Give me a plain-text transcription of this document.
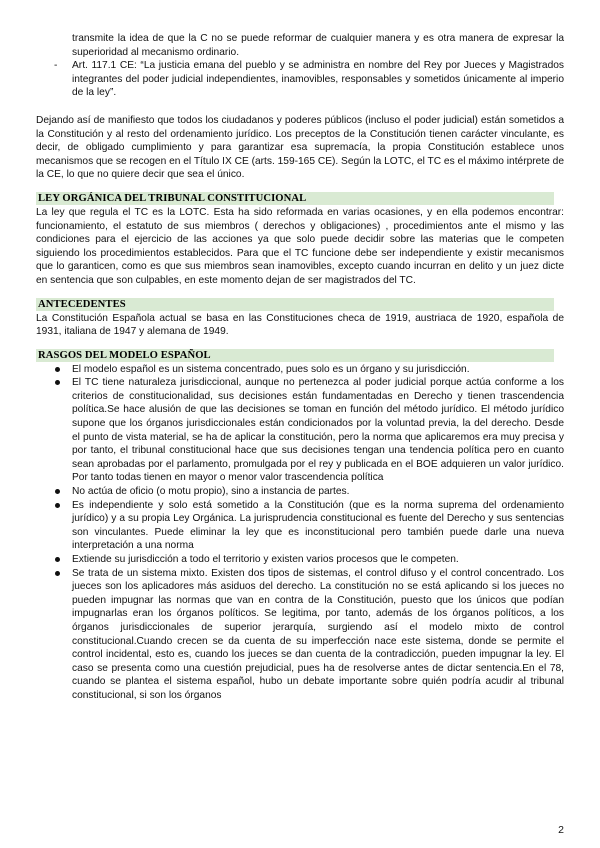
transmite la idea de que la C no se puede reformar de cualquier manera y es otra manera de expresar la superioridad al mecanismo ordinario.

- Art. 117.1 CE: “La justicia emana del pueblo y se administra en nombre del Rey por Jueces y Magistrados integrantes del poder judicial independientes, inamovibles, responsables y sometidos únicamente al imperio de la ley”.

Dejando así de manifiesto que todos los ciudadanos y poderes públicos (incluso el poder judicial) están sometidos a la Constitución y al resto del ordenamiento jurídico. Los preceptos de la Constitución tienen carácter vinculante, es decir, de obligado cumplimiento y para garantizar esa supremacía, la propia Constitución establece unos mecanismos que se recogen en el Título IX CE (arts. 159-165 CE). Según la LOTC, el TC es el máximo intérprete de la CE, lo que no quiere decir que sea el único.

LEY ORGÁNICA DEL TRIBUNAL CONSTITUCIONAL

La ley que regula el TC es la LOTC. Esta ha sido reformada en varias ocasiones, y en ella podemos encontrar: funcionamiento, el estatuto de sus miembros ( derechos y obligaciones) , procedimientos ante el mismo y las condiciones para el ejercicio de las acciones ya que solo puede decidir sobre las materias que le competen siguiendo los procedimientos establecidos. Para que el TC funcione debe ser independiente y existir mecanismos que lo garanticen, como es que sus miembros sean inamovibles, excepto cuando incurran en delito y un juez dicte en sentencia que son culpables, en este momento dejan de ser magistrados del TC.

ANTECEDENTES

La Constitución Española actual se basa en las Constituciones checa de 1919, austriaca de 1920, española de 1931, italiana de 1947 y alemana de 1949.

RASGOS DEL MODELO ESPAÑOL
El modelo español es un sistema concentrado, pues solo es un órgano y su jurisdicción.
El TC tiene naturaleza jurisdiccional, aunque no pertenezca al poder judicial porque actúa conforme a los criterios de constitucionalidad, sus decisiones están fundamentadas en Derecho y tienen trascendencia política.Se hace alusión de que las decisiones se toman en función del método jurídico. El método jurídico supone que los órganos jurisdiccionales están condicionados por la voluntad previa, la del derecho. Desde el punto de vista material, se ha de aplicar la constitución, pero la norma que aplicaremos era muy precisa y por tanto, el tribunal constitucional hace que sus decisiones tengan una tendencia política pero en cuanto sean aprobadas por el parlamento, promulgada por el rey y publicada en el BOE adquieren un valor jurídico. Por tanto todas tienen en mayor o menor valor trascendencia política
No actúa de oficio (o motu propio), sino a instancia de partes.
Es independiente y solo está sometido a la Constitución (que es la norma suprema del ordenamiento jurídico) y a su propia Ley Orgánica. La jurisprudencia constitucional es fuente del Derecho y sus sentencias son vinculantes. Puede eliminar la ley que es inconstitucional pero también puede darle una nueva interpretación a una norma
Extiende su jurisdicción a todo el territorio y existen varios procesos que le competen.
Se trata de un sistema mixto. Existen dos tipos de sistemas, el control difuso y el control concentrado. Los jueces son los aplicadores más asiduos del derecho. La constitución no se está aplicando si los jueces no pueden impugnar las normas que van en contra de la Constitución, puesto que los únicos que podían impugnarlas eran los órganos políticos. Se legitima, por tanto, además de los órganos políticos, a los órganos jurisdiccionales de superior jerarquía, surgiendo así el modelo mixto de control constitucional.Cuando crecen se da cuenta de su imperfección nace este sistema, donde se permite el control incidental, esto es, cuando los jueces se dan cuenta de la contradicción, pueden impugnar la ley. El caso se presenta como una cuestión prejudicial, pues ha de resolverse antes de dictar sentencia.En el 78, cuando se plantea el sistema español, hubo un debate importante sobre quién podría acudir al tribunal constitucional, si son los órganos
2
